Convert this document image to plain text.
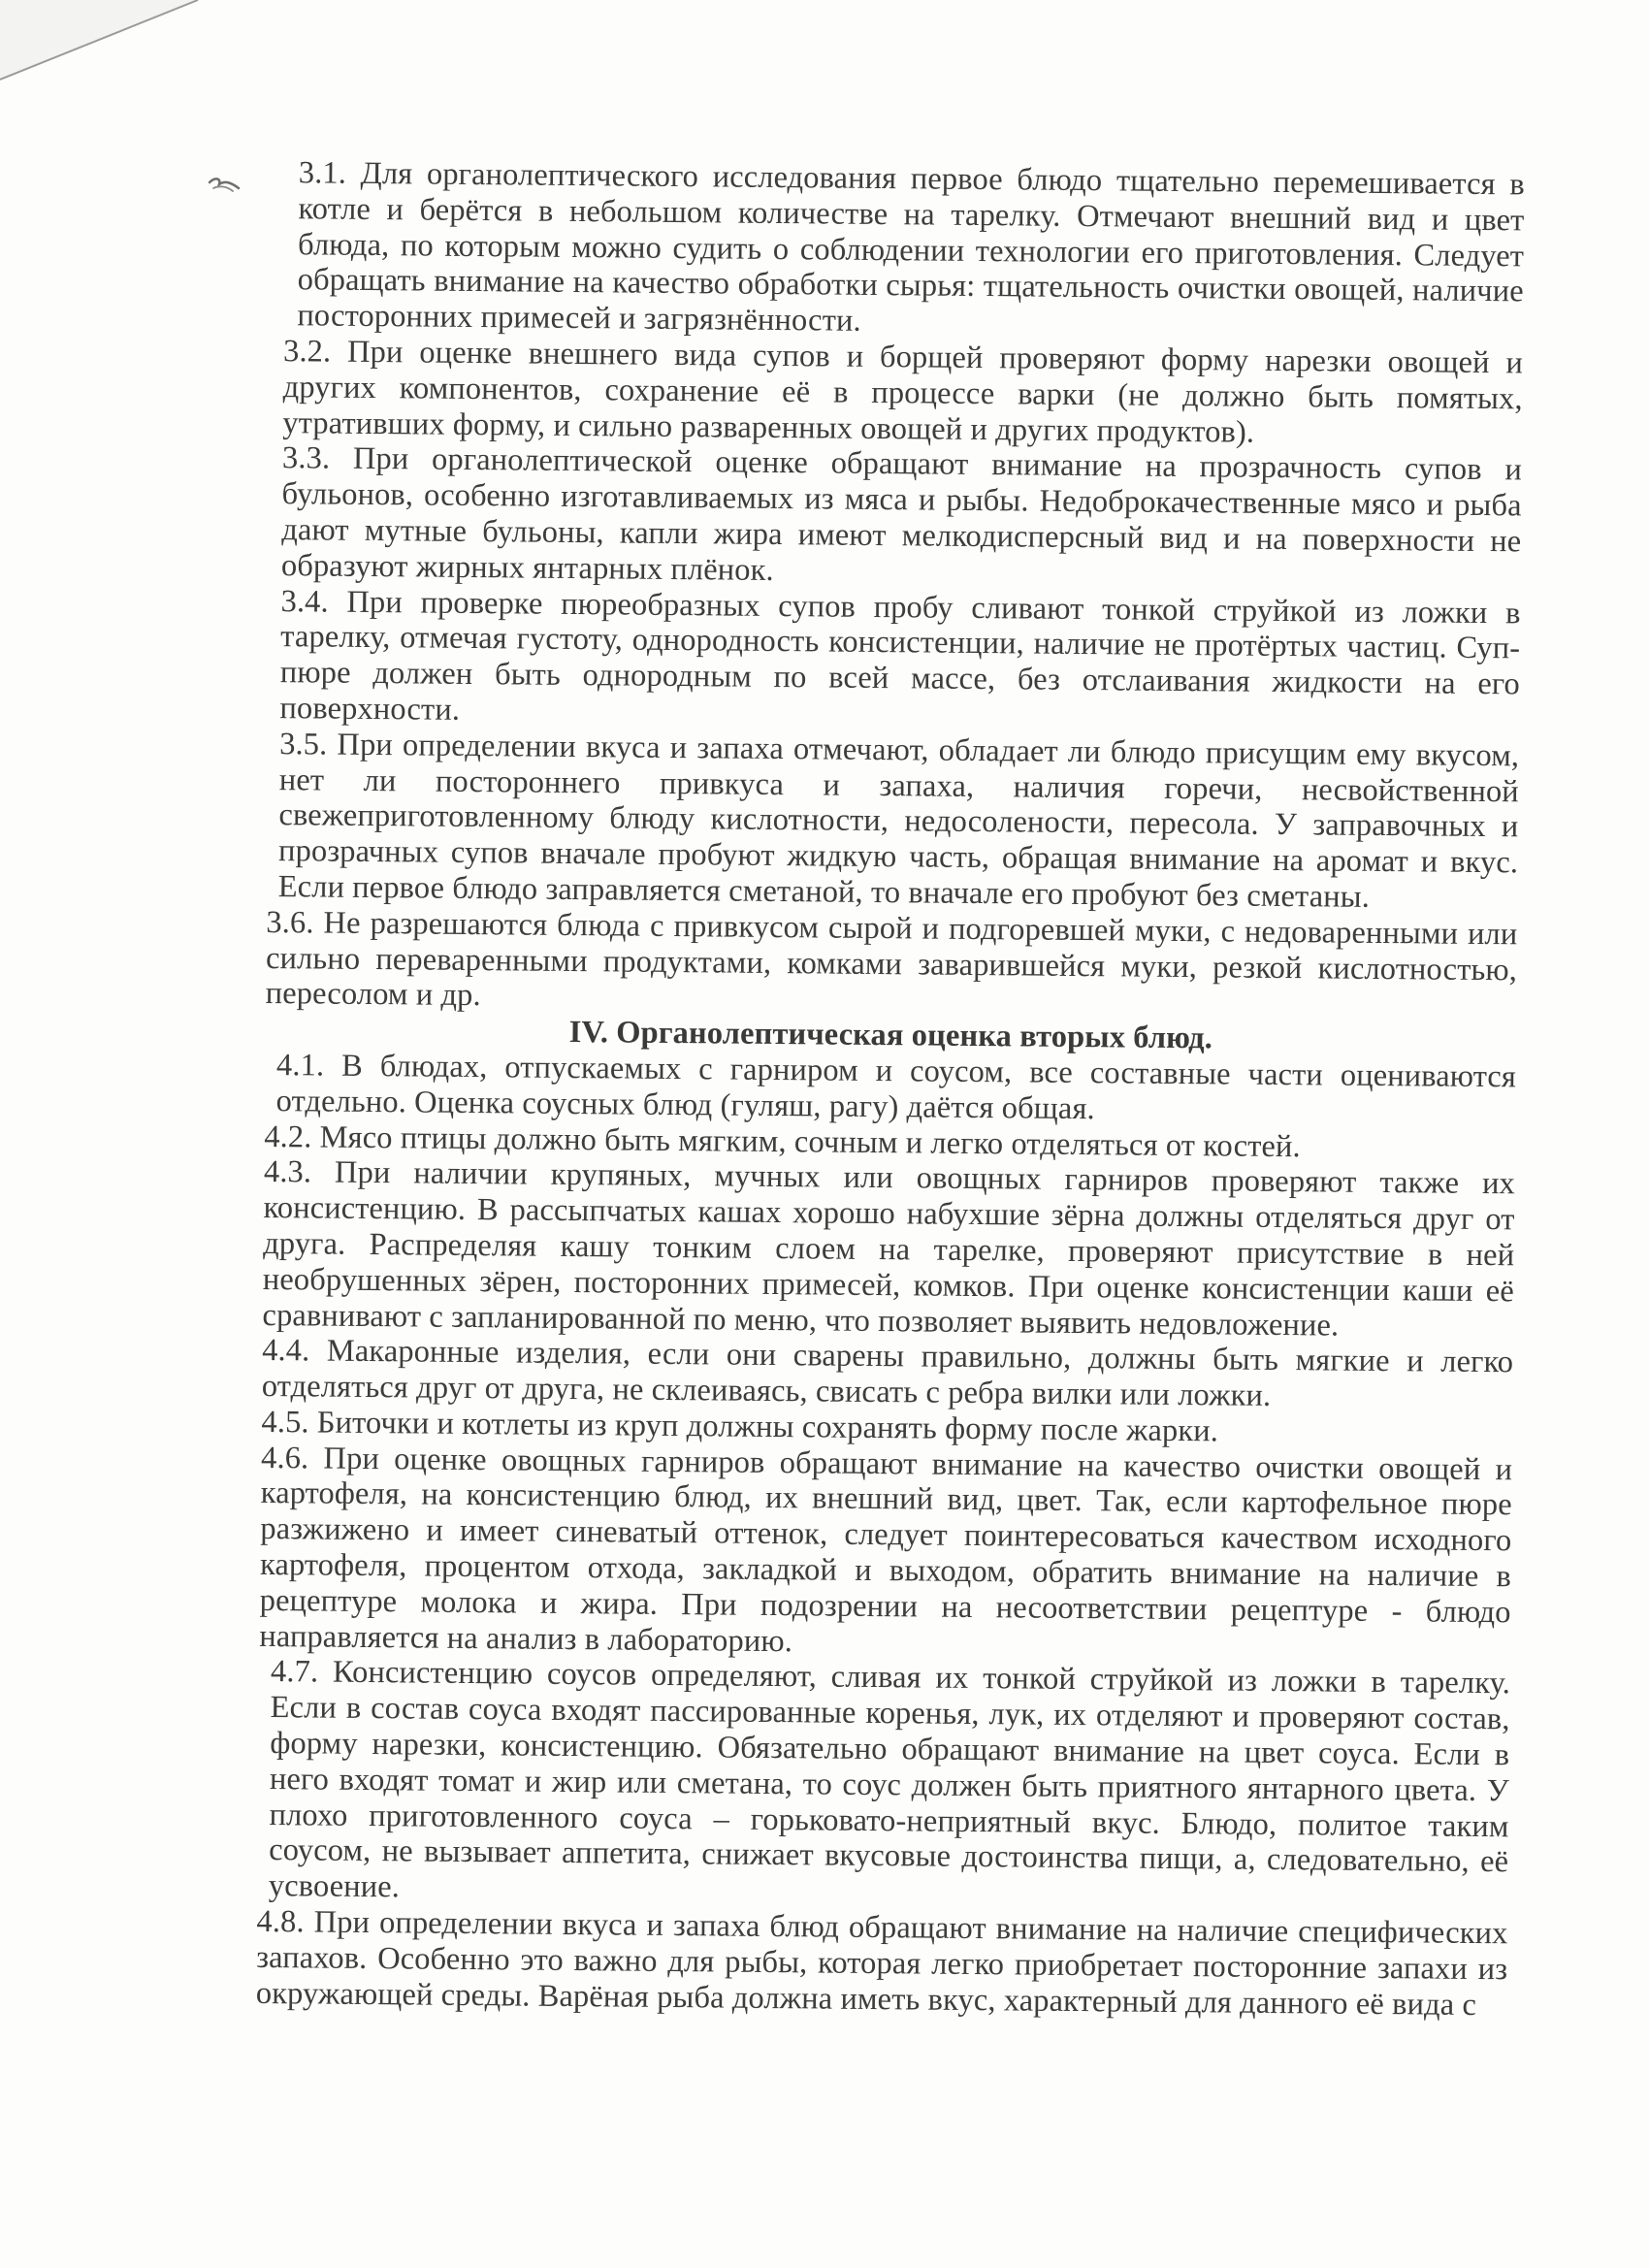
3.1. Для органолептического исследования первое блюдо тщательно перемешивается в котле и берётся в небольшом количестве на тарелку. Отмечают внешний вид и цвет блюда, по которым можно судить о соблюдении технологии его приготовления. Следует обращать внимание на качество обработки сырья: тщательность очистки овощей, наличие посторонних примесей и загрязнённости.

3.2. При оценке внешнего вида супов и борщей проверяют форму нарезки овощей и других компонентов, сохранение её в процессе варки (не должно быть помятых, утративших форму, и сильно разваренных овощей и других продуктов).

3.3. При органолептической оценке обращают внимание на прозрачность супов и бульонов, особенно изготавливаемых из мяса и рыбы. Недоброкачественные мясо и рыба дают мутные бульоны, капли жира имеют мелкодисперсный вид и на поверхности не образуют жирных янтарных плёнок.

3.4. При проверке пюреобразных супов пробу сливают тонкой струйкой из ложки в тарелку, отмечая густоту, однородность консистенции, наличие не протёртых частиц. Суп-пюре должен быть однородным по всей массе, без отслаивания жидкости на его поверхности.

3.5. При определении вкуса и запаха отмечают, обладает ли блюдо присущим ему вкусом, нет ли постороннего привкуса и запаха, наличия горечи, несвойственной свежеприготовленному блюду кислотности, недосолености, пересола. У заправочных и прозрачных супов вначале пробуют жидкую часть, обращая внимание на аромат и вкус. Если первое блюдо заправляется сметаной, то вначале его пробуют без сметаны.

3.6. Не разрешаются блюда с привкусом сырой и подгоревшей муки, с недоваренными или сильно переваренными продуктами, комками заварившейся муки, резкой кислотностью, пересолом и др.

IV. Органолептическая оценка вторых блюд.

4.1. В блюдах, отпускаемых с гарниром и соусом, все составные части оцениваются отдельно. Оценка соусных блюд (гуляш, рагу) даётся общая.

4.2. Мясо птицы должно быть мягким, сочным и легко отделяться от костей.

4.3. При наличии крупяных, мучных или овощных гарниров проверяют также их консистенцию. В рассыпчатых кашах хорошо набухшие зёрна должны отделяться друг от друга. Распределяя кашу тонким слоем на тарелке, проверяют присутствие в ней необрушенных зёрен, посторонних примесей, комков. При оценке консистенции каши её сравнивают с запланированной по меню, что позволяет выявить недовложение.

4.4. Макаронные изделия, если они сварены правильно, должны быть мягкие и легко отделяться друг от друга, не склеиваясь, свисать с ребра вилки или ложки.

4.5. Биточки и котлеты из круп должны сохранять форму после жарки.

4.6. При оценке овощных гарниров обращают внимание на качество очистки овощей и картофеля, на консистенцию блюд, их внешний вид, цвет. Так, если картофельное пюре разжижено и имеет синеватый оттенок, следует поинтересоваться качеством исходного картофеля, процентом отхода, закладкой и выходом, обратить внимание на наличие в рецептуре молока и жира. При подозрении на несоответствии рецептуре - блюдо направляется на анализ в лабораторию.

4.7. Консистенцию соусов определяют, сливая их тонкой струйкой из ложки в тарелку. Если в состав соуса входят пассированные коренья, лук, их отделяют и проверяют состав, форму нарезки, консистенцию. Обязательно обращают внимание на цвет соуса. Если в него входят томат и жир или сметана, то соус должен быть приятного янтарного цвета. У плохо приготовленного соуса – горьковато-неприятный вкус. Блюдо, политое таким соусом, не вызывает аппетита, снижает вкусовые достоинства пищи, а, следовательно, её усвоение.

4.8. При определении вкуса и запаха блюд обращают внимание на наличие специфических запахов. Особенно это важно для рыбы, которая легко приобретает посторонние запахи из окружающей среды. Варёная рыба должна иметь вкус, характерный для данного её вида с
